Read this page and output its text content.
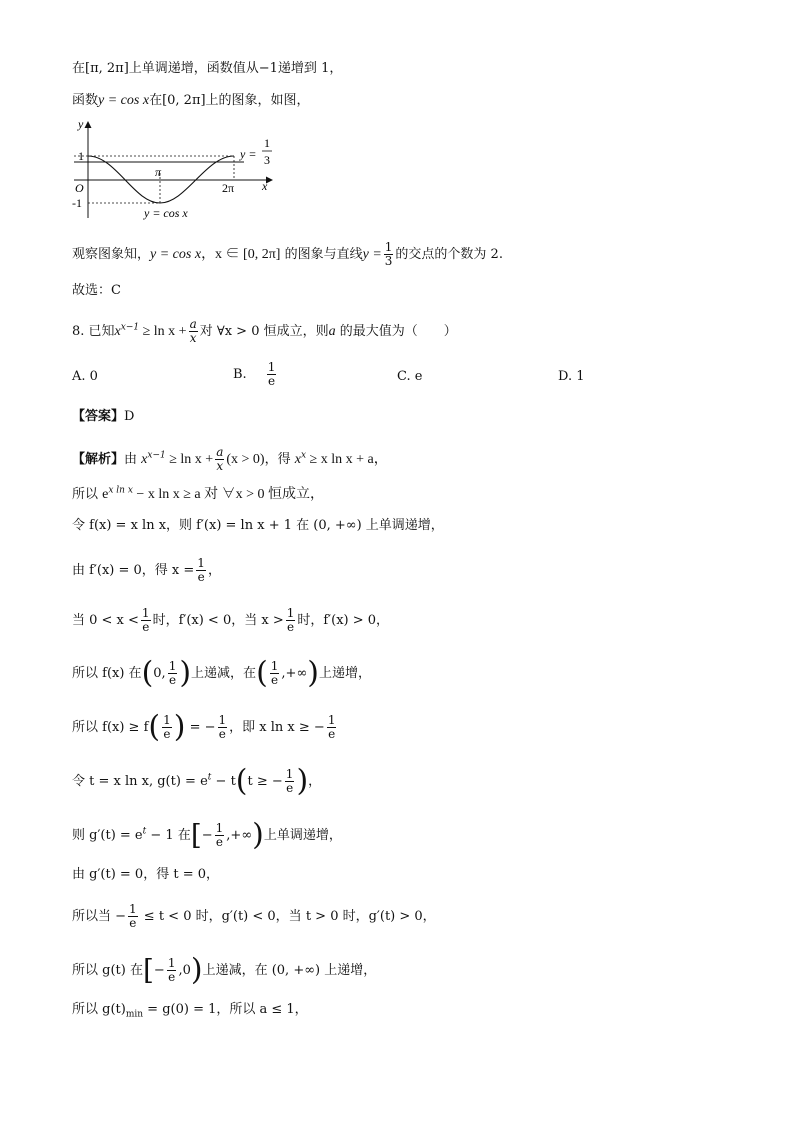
在[π, 2π]上单调递增，函数值从−1递增到 1，
函数y = cos x在[0, 2π]上的图象，如图，
y
x
O
1
-1
π
2π
y =
1
3
y = cos x
观察图象知，y = cos x，x ∈ [0, 2π] 的图象与直线$y = \frac{1}{3}$ 的交点的个数为 2.
故选：C
8. 已知$x^{x-1} \ge \ln x + \frac{a}{x}$ 对 ∀x > 0 恒成立，则a 的最大值为（　　）
A. 0	B. $\frac{1}{e}$	C. e	D. 1
【答案】D
【解析】由 $x^{x-1} \ge \ln x + \frac{a}{x} (x > 0)$，得 $x^x \ge x$ ln x + a，
所以 $e^{x ln x} - x$ ln x ≥ a 对 ∀x > 0 恒成立，
令 f(x) = x ln x，则 f′(x) = ln x + 1 在 (0, +∞) 上单调递增，
由 f′(x) = 0，得 $x = \frac{1}{e}$ ，
当 $0 < x < \frac{1}{e}$ 时，f′(x) < 0，当 $x > \frac{1}{e}$ 时，f′(x) > 0，
所以 f(x) 在(0, $\frac{1}{e}$ )上递减，在( $\frac{1}{e}$ ,+∞)上递增，
所以 $f(x) \ge f( \frac{1}{e}$ ) = − $\frac{1}{e}$ ，即 x ln x ≥ − $\frac{1}{e}$
令 t = x ln x, $g(t) = e^t - t(t$ ≥ − $\frac{1}{e}$ )，
则 $g'(t) = e^t - 1$ 在[− $\frac{1}{e}$ ,+∞)上单调递增，
由 g′(t) = 0，得 t = 0，
所以当 − $\frac{1}{e} \le t < 0$ 时，g′(t) < 0，当 t > 0 时，g′(t) > 0，
所以 g(t) 在[− $\frac{1}{e} ,0$)上递减，在 (0, +∞) 上递增，
所以 $g(t)_{min} = g(0) = 1$，所以 a ≤ 1，
